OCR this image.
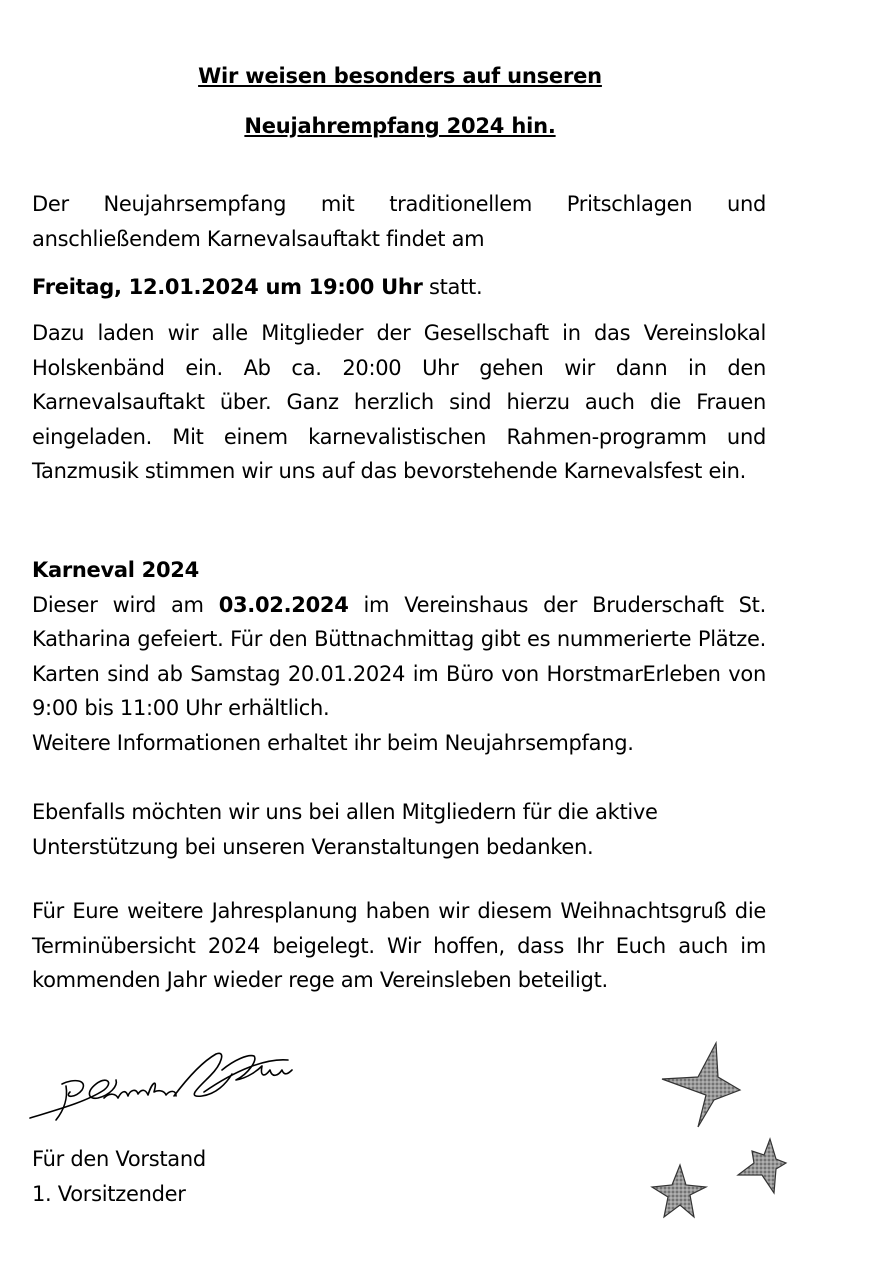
Wir weisen besonders auf unseren
Neujahrempfang 2024 hin.
Der Neujahrsempfang mit traditionellem Pritschlagen und anschließendem Karnevalsauftakt findet am
Freitag, 12.01.2024 um 19:00 Uhr statt.
Dazu laden wir alle Mitglieder der Gesellschaft in das Vereinslokal Holskenbänd ein. Ab ca. 20:00 Uhr gehen wir dann in den Karnevalsauftakt über. Ganz herzlich sind hierzu auch die Frauen eingeladen. Mit einem karnevalistischen Rahmen-programm und Tanzmusik stimmen wir uns auf das bevorstehende Karnevalsfest ein.
Karneval 2024
Dieser wird am 03.02.2024 im Vereinshaus der Bruderschaft St. Katharina gefeiert. Für den Büttnachmittag gibt es nummerierte Plätze. Karten sind ab Samstag 20.01.2024 im Büro von HorstmarErleben von 9:00 bis 11:00 Uhr erhältlich.
Weitere Informationen erhaltet ihr beim Neujahrsempfang.
Ebenfalls möchten wir uns bei allen Mitgliedern für die aktive Unterstützung bei unseren Veranstaltungen bedanken.
Für Eure weitere Jahresplanung haben wir diesem Weihnachtsgruß die Terminübersicht 2024 beigelegt. Wir hoffen, dass Ihr Euch auch im kommenden Jahr wieder rege am Vereinsleben beteiligt.
Für den Vorstand
1. Vorsitzender
